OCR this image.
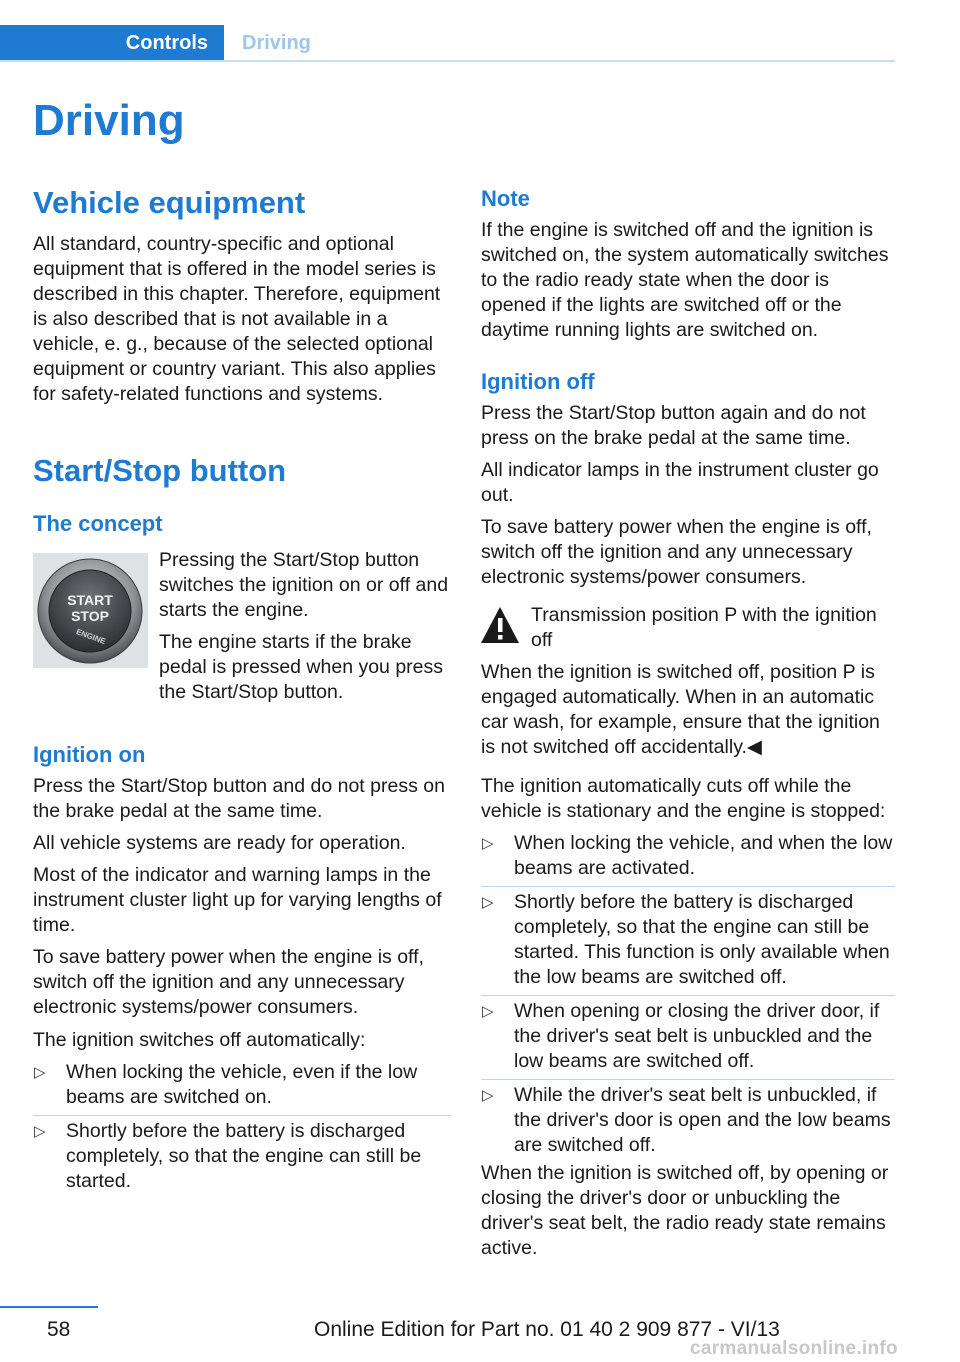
Controls Driving
Driving
Vehicle equipment

All standard, country-specific and optional equipment that is offered in the model series is described in this chapter. Therefore, equipment is also described that is not available in a vehicle, e. g., because of the selected optional equipment or country variant. This also applies for safety-related functions and systems.

Start/Stop button
The concept
START
STOP
ENGINE

Pressing the Start/Stop button switches the ignition on or off and starts the engine.

The engine starts if the brake pedal is pressed when you press the Start/Stop button.

Ignition on

Press the Start/Stop button and do not press on the brake pedal at the same time.

All vehicle systems are ready for operation.

Most of the indicator and warning lamps in the instrument cluster light up for varying lengths of time.

To save battery power when the engine is off, switch off the ignition and any unnecessary electronic systems/power consumers.

The ignition switches off automatically:

▷ When locking the vehicle, even if the low beams are switched on.
▷ Shortly before the battery is discharged completely, so that the engine can still be started.
Note

If the engine is switched off and the ignition is switched on, the system automatically switches to the radio ready state when the door is opened if the lights are switched off or the daytime running lights are switched on.

Ignition off

Press the Start/Stop button again and do not press on the brake pedal at the same time.

All indicator lamps in the instrument cluster go out.

To save battery power when the engine is off, switch off the ignition and any unnecessary electronic systems/power consumers.

Transmission position P with the ignition off

When the ignition is switched off, position P is engaged automatically. When in an automatic car wash, for example, ensure that the ignition is not switched off accidentally.◀

The ignition automatically cuts off while the vehicle is stationary and the engine is stopped:

▷ When locking the vehicle, and when the low beams are activated.
▷ Shortly before the battery is discharged completely, so that the engine can still be started. This function is only available when the low beams are switched off.
▷ When opening or closing the driver door, if the driver's seat belt is unbuckled and the low beams are switched off.
▷ While the driver's seat belt is unbuckled, if the driver's door is open and the low beams are switched off.

When the ignition is switched off, by opening or closing the driver's door or unbuckling the driver's seat belt, the radio ready state remains active.

58	Online Edition for Part no. 01 40 2 909 877 - VI/13
carmanualsonline.info
